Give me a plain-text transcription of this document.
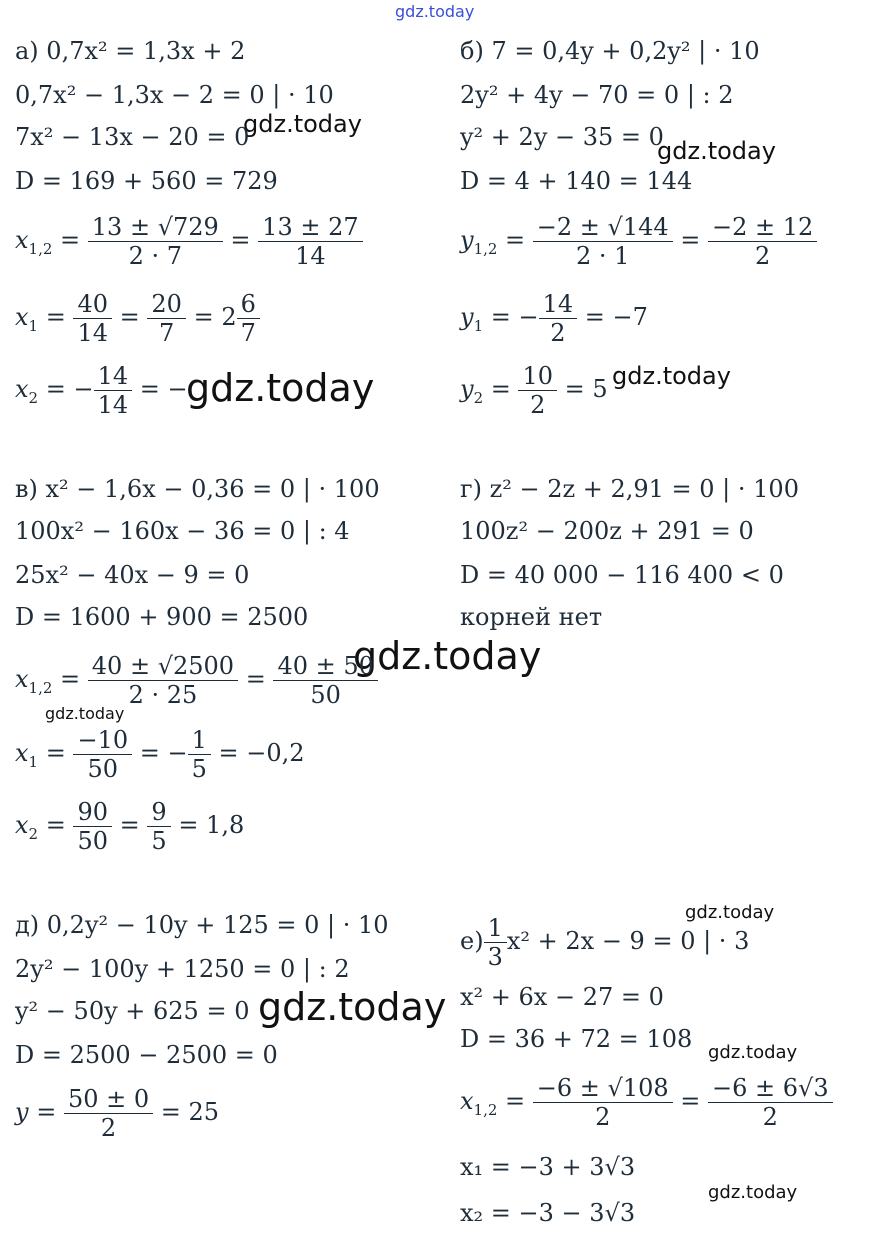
gdz.today
gdz.today
gdz.today
gdz.today	gdz.today
gdz.today
gdz.today
gdz.today
gdz.today
gdz.today
gdz.today
а) 0,7x² = 1,3x + 2
0,7x² − 1,3x − 2 = 0 | · 10
7x² − 13x − 20 = 0
D = 169 + 560 = 729
$x_{1,2} = \frac{13 \pm √729}{2 \cdot 7} = \frac{13 \pm 27}{14}$
$x_1 = \frac{40}{14} = \frac{20}{7} = 2 \frac{6}{7}$
$x_2$ = − $\frac{14}{14}$ = −
б) 7 = 0,4y + 0,2y² | · 10
2y² + 4y − 70 = 0 | : 2
y² + 2y − 35 = 0
D = 4 + 140 = 144
$y_{1,2} = \frac{-2 \pm √144}{2 \cdot 1} = \frac{-2 \pm 12}{2}$
$y_1$ = − $\frac{14}{2} = -7$
$y_2 = \frac{10}{2} = 5$
в) x² − 1,6x − 0,36 = 0 | · 100
100x² − 160x − 36 = 0 | : 4
25x² − 40x − 9 = 0
D = 1600 + 900 = 2500
$x_{1,2} = \frac{40 \pm √2500}{2 \cdot 25} = \frac{40 \pm 50}{50}$
$x_1 = \frac{-10}{50}$ = − $\frac{1}{5} = -0,2$
$x_2 = \frac{90}{50} = \frac{9}{5} = 1,8$
г) z² − 2z + 2,91 = 0 | · 100
100z² − 200z + 291 = 0
D = 40 000 − 116 400 < 0
корней нет
д) 0,2y² − 10y + 125 = 0 | · 10
2y² − 100y + 1250 = 0 | : 2
y² − 50y + 625 = 0
D = 2500 − 2500 = 0
$y = \frac{50 \pm 0}{2} = 25$
$е) \frac{1}{3} x^2 + 2x - 9 = 0$ | · 3
x² + 6x − 27 = 0
D = 36 + 72 = 108
$x_{1,2} = \frac{-6 \pm √108}{2} = \frac{-6 \pm 6√3}{2}$
x₁ = −3 + 3√3
x₂ = −3 − 3√3
